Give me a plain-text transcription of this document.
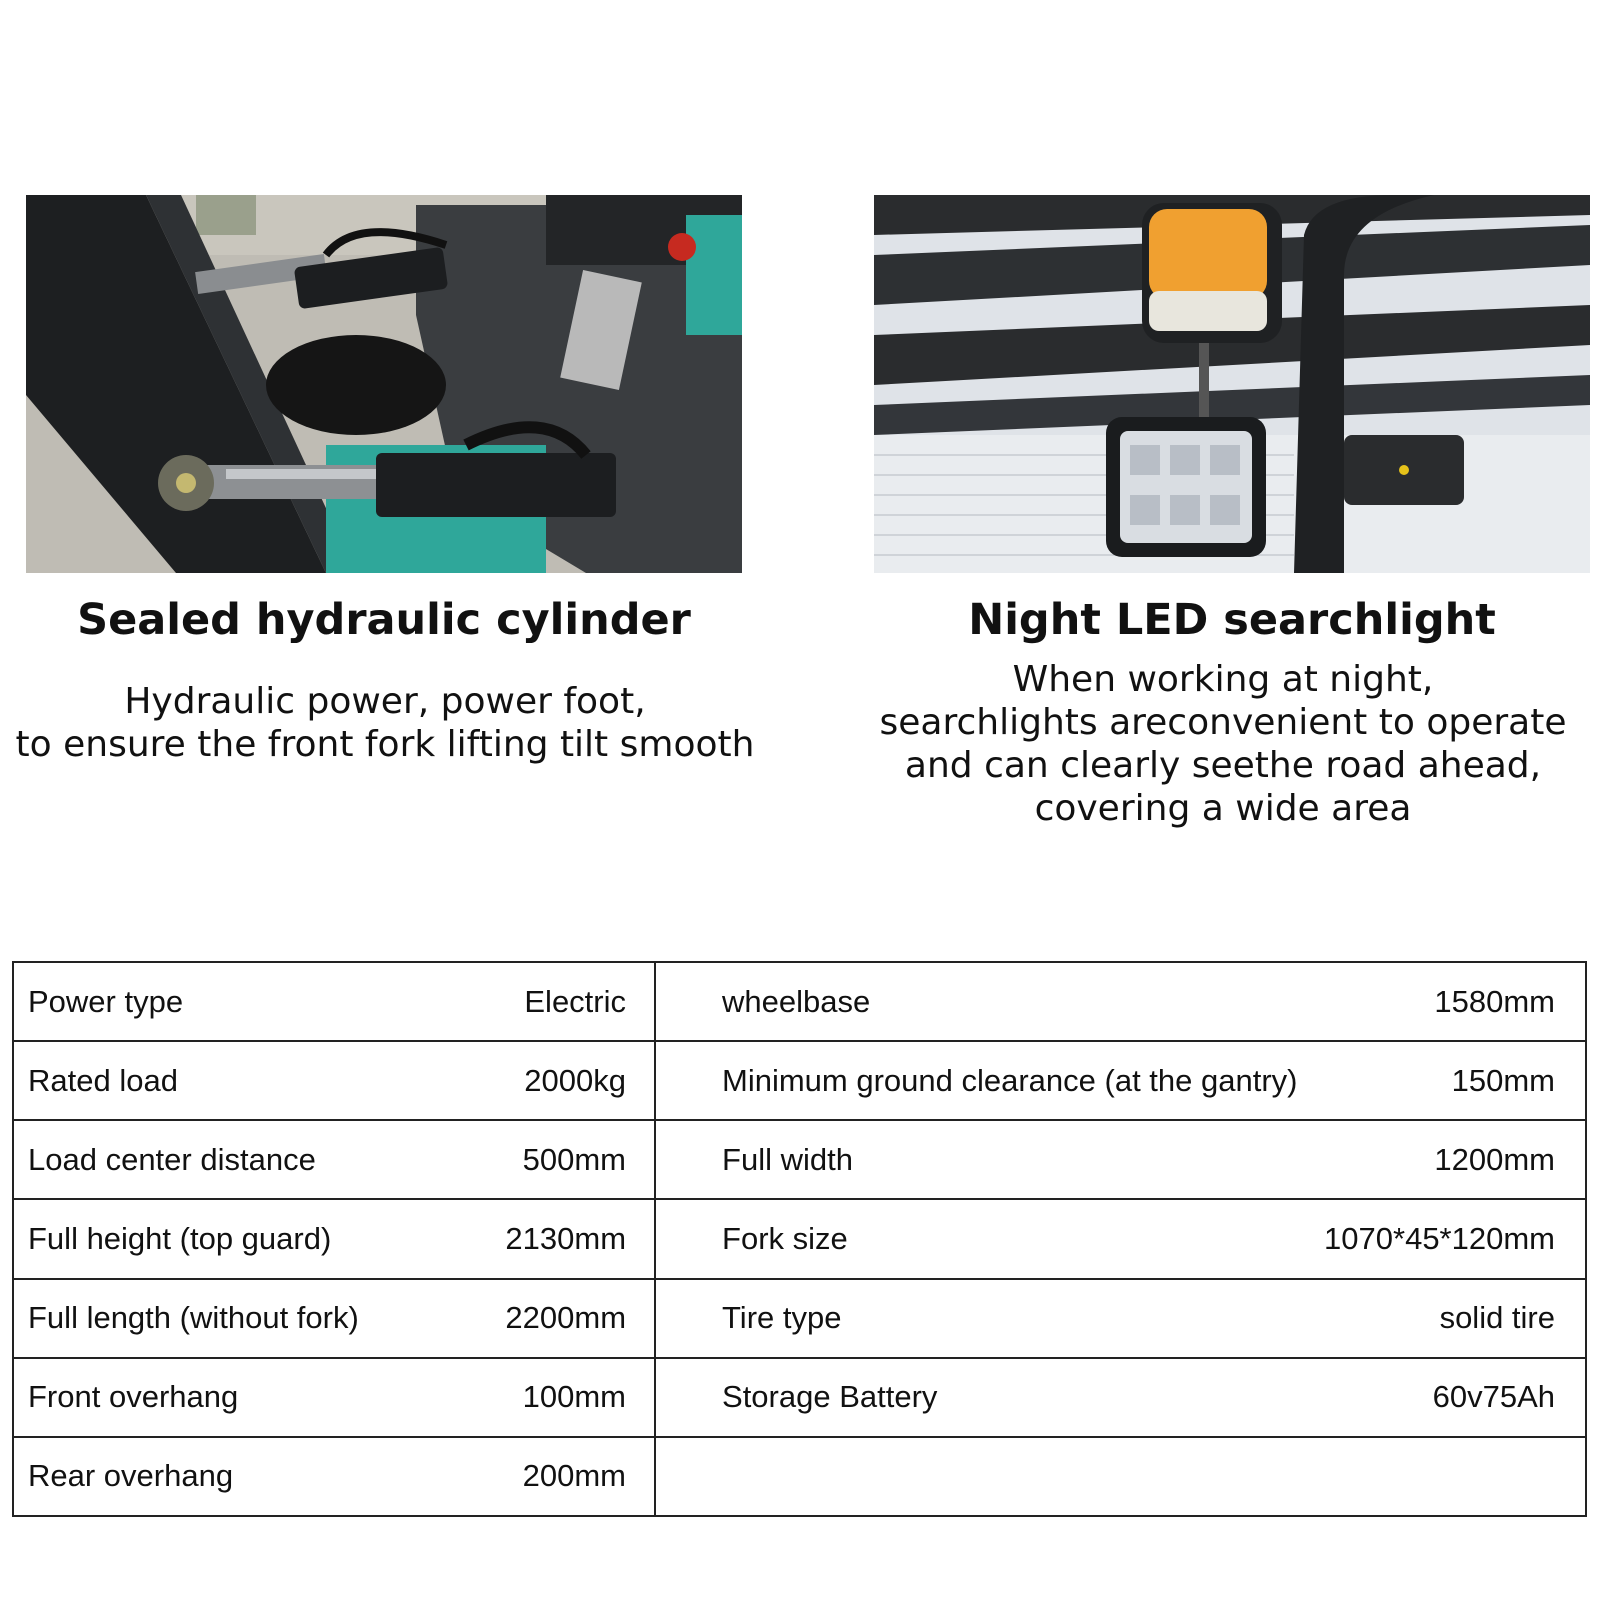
Sealed hydraulic cylinder
Hydraulic power, power foot,
to ensure the front fork lifting tilt smooth
Night LED searchlight
When working at night,
searchlights areconvenient to operate
and can clearly seethe road ahead,
covering a wide area
Power type Electric	wheelbase 1580mm

Rated load 2000kg	Minimum ground clearance (at the gantry) 150mm

Load center distance 500mm	Full width 1200mm

Full height (top guard) 2130mm	Fork size 1070*45*120mm

Full length (without fork) 2200mm	Tire type solid tire

Front overhang 100mm	Storage Battery 60v75Ah

Rear overhang 200mm	
